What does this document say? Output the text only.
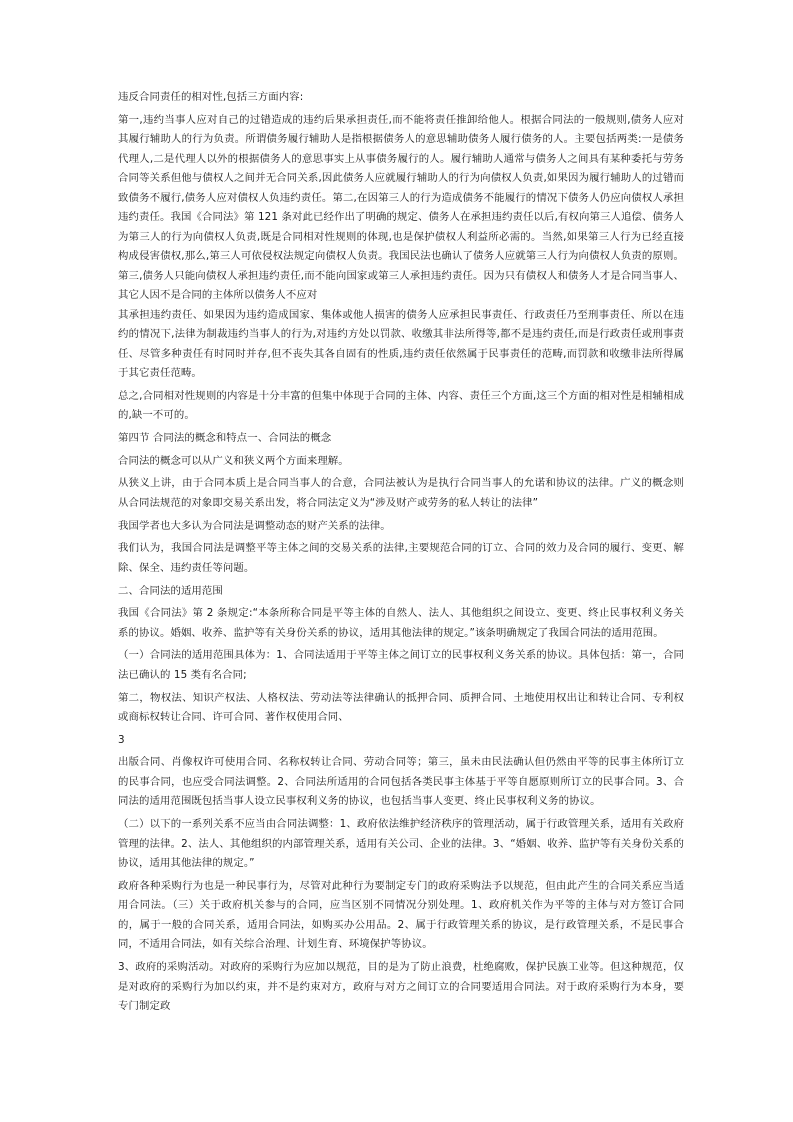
违反合同责任的相对性,包括三方面内容:

第一,违约当事人应对自己的过错造成的违约后果承担责任,而不能将责任推卸给他人。根据合同法的一般规则,债务人应对其履行辅助人的行为负责。所谓债务履行辅助人是指根据债务人的意思辅助债务人履行债务的人。主要包括两类:一是债务代理人,二是代理人以外的根据债务人的意思事实上从事债务履行的人。履行辅助人通常与债务人之间具有某种委托与劳务合同等关系但他与债权人之间并无合同关系,因此债务人应就履行辅助人的行为向债权人负责,如果因为履行辅助人的过错而致债务不履行,债务人应对债权人负违约责任。第二,在因第三人的行为造成债务不能履行的情况下债务人仍应向债权人承担违约责任。我国《合同法》第 121 条对此已经作出了明确的规定、债务人在承担违约责任以后,有权向第三人追偿、债务人为第三人的行为向债权人负责,既是合同相对性规则的体现,也是保护债权人利益所必需的。当然,如果第三人行为已经直接构成侵害债权,那么,第三人可依侵权法规定向债权人负责。我国民法也确认了债务人应就第三人行为向债权人负责的原则。第三,债务人只能向债权人承担违约责任,而不能向国家或第三人承担违约责任。因为只有债权人和债务人才是合同当事人、其它人因不是合同的主体所以债务人不应对

其承担违约责任、如果因为违约造成国家、集体或他人损害的债务人应承担民事责任、行政责任乃至刑事责任、所以在违约的情况下,法律为制裁违约当事人的行为,对违约方处以罚款、收缴其非法所得等,都不是违约责任,而是行政责任或刑事责任、尽管多种责任有时同时并存,但不丧失其各自固有的性质,违约责任依然属于民事责任的范畴,而罚款和收缴非法所得属于其它责任范畴。

总之,合同相对性规则的内容是十分丰富的但集中体现于合同的主体、内容、责任三个方面,这三个方面的相对性是相辅相成的,缺一不可的。

第四节 合同法的概念和特点一、合同法的概念

合同法的概念可以从广义和狭义两个方面来理解。

从狭义上讲，由于合同本质上是合同当事人的合意，合同法被认为是执行合同当事人的允诺和协议的法律。广义的概念则从合同法规范的对象即交易关系出发，将合同法定义为“涉及财产或劳务的私人转让的法律”

我国学者也大多认为合同法是调整动态的财产关系的法律。

我们认为，我国合同法是调整平等主体之间的交易关系的法律,主要规范合同的订立、合同的效力及合同的履行、变更、解除、保全、违约责任等问题。

二、合同法的适用范围

我国《合同法》第 2 条规定:“本条所称合同是平等主体的自然人、法人、其他组织之间设立、变更、终止民事权利义务关系的协议。婚姻、收养、监护等有关身份关系的协议，适用其他法律的规定。”该条明确规定了我国合同法的适用范围。

（一）合同法的适用范围具体为：1、合同法适用于平等主体之间订立的民事权利义务关系的协议。具体包括：第一，合同法已确认的 15 类有名合同;

第二，物权法、知识产权法、人格权法、劳动法等法律确认的抵押合同、质押合同、土地使用权出让和转让合同、专利权或商标权转让合同、许可合同、著作权使用合同、

3

出版合同、肖像权许可使用合同、名称权转让合同、劳动合同等；第三，虽未由民法确认但仍然由平等的民事主体所订立的民事合同，也应受合同法调整。2、合同法所适用的合同包括各类民事主体基于平等自愿原则所订立的民事合同。3、合同法的适用范围既包括当事人设立民事权利义务的协议，也包括当事人变更、终止民事权利义务的协议。

（二）以下的一系列关系不应当由合同法调整：1、政府依法维护经济秩序的管理活动，属于行政管理关系，适用有关政府管理的法律。2、法人、其他组织的内部管理关系，适用有关公司、企业的法律。3、“婚姻、收养、监护等有关身份关系的协议，适用其他法律的规定。”

政府各种采购行为也是一种民事行为，尽管对此种行为要制定专门的政府采购法予以规范，但由此产生的合同关系应当适用合同法。（三）关于政府机关参与的合同，应当区别不同情况分别处理。1、政府机关作为平等的主体与对方签订合同的，属于一般的合同关系，适用合同法，如购买办公用品。2、属于行政管理关系的协议，是行政管理关系，不是民事合同，不适用合同法，如有关综合治理、计划生育、环境保护等协议。

3、政府的采购活动。对政府的采购行为应加以规范，目的是为了防止浪费，杜绝腐败，保护民族工业等。但这种规范，仅是对政府的采购行为加以约束，并不是约束对方，政府与对方之间订立的合同要适用合同法。对于政府采购行为本身，要专门制定政
